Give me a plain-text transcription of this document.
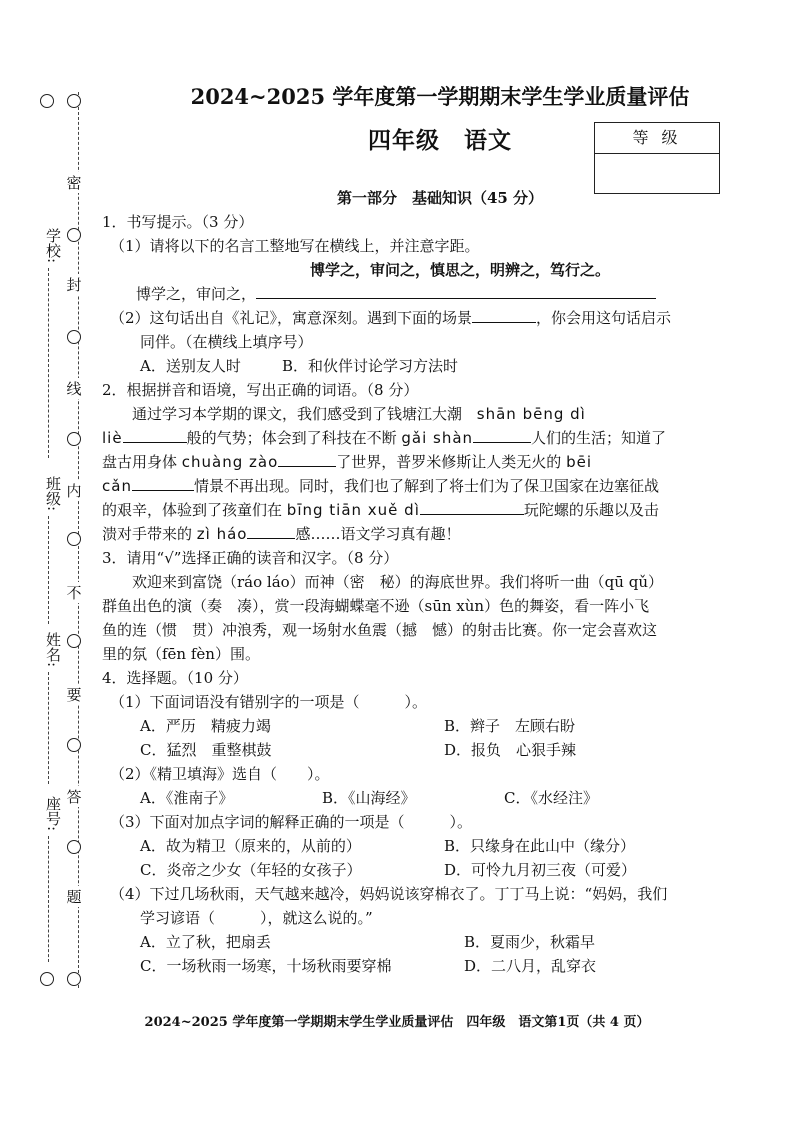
密
封
线
内
不
要
答
题
学校:
班级:
姓名:
座号:
2024~2025 学年度第一学期期末学生学业质量评估
四年级　语文	等 级
第一部分　基础知识（45 分）
1．书写提示。（3 分）
（1）请将以下的名言工整地写在横线上，并注意字距。
博学之，审问之，慎思之，明辨之，笃行之。
博学之，审问之，
（2）这句话出自《礼记》，寓意深刻。遇到下面的场景	，你会用这句话启示
同伴。（在横线上填序号）
A．送别友人时	B．和伙伴讨论学习方法时
2．根据拼音和语境，写出正确的词语。（8 分）
通过学习本学期的课文，我们感受到了钱塘江大潮 shān bēng dì
liè	般的气势；体会到了科技在不断 gǎi shàn	人们的生活；知道了
盘古用身体 chuàng zào	了世界，普罗米修斯让人类无火的 bēi
cǎn	情景不再出现。同时，我们也了解到了将士们为了保卫国家在边塞征战
的艰辛，体验到了孩童们在 bīng tiān xuě dì	玩陀螺的乐趣以及击
溃对手带来的 zì háo	感……语文学习真有趣！
3．请用“√”选择正确的读音和汉字。（8 分）
欢迎来到富饶（ráo láo）而神（密　秘）的海底世界。我们将听一曲（qū qǔ）
群鱼出色的演（奏　凑），赏一段海蝴蝶毫不逊（sūn xùn）色的舞姿，看一阵小飞
鱼的连（惯　贯）冲浪秀，观一场射水鱼震（撼　憾）的射击比赛。你一定会喜欢这
里的氛（fēn fèn）围。
4．选择题。（10 分）
（1）下面词语没有错别字的一项是（　　　）。
A．严历　精疲力竭	B．辫子　左顾右盼
C．猛烈　重整棋鼓	D．报负　心狠手辣
（2）《精卫填海》选自（　　）。
A．《淮南子》	B．《山海经》	C．《水经注》
（3）下面对加点字词的解释正确的一项是（　　　）。
A．故为精卫（原来的，从前的）	B．只缘身在此山中（缘分）
C．炎帝之少女（年轻的女孩子）	D．可怜九月初三夜（可爱）
（4）下过几场秋雨，天气越来越冷，妈妈说该穿棉衣了。丁丁马上说：“妈妈，我们
学习谚语（　　　），就这么说的。”
A．立了秋，把扇丢	B．夏雨少，秋霜早
C．一场秋雨一场寒，十场秋雨要穿棉	D．二八月，乱穿衣
2024~2025 学年度第一学期期末学生学业质量评估　四年级　语文第1页（共 4 页）
